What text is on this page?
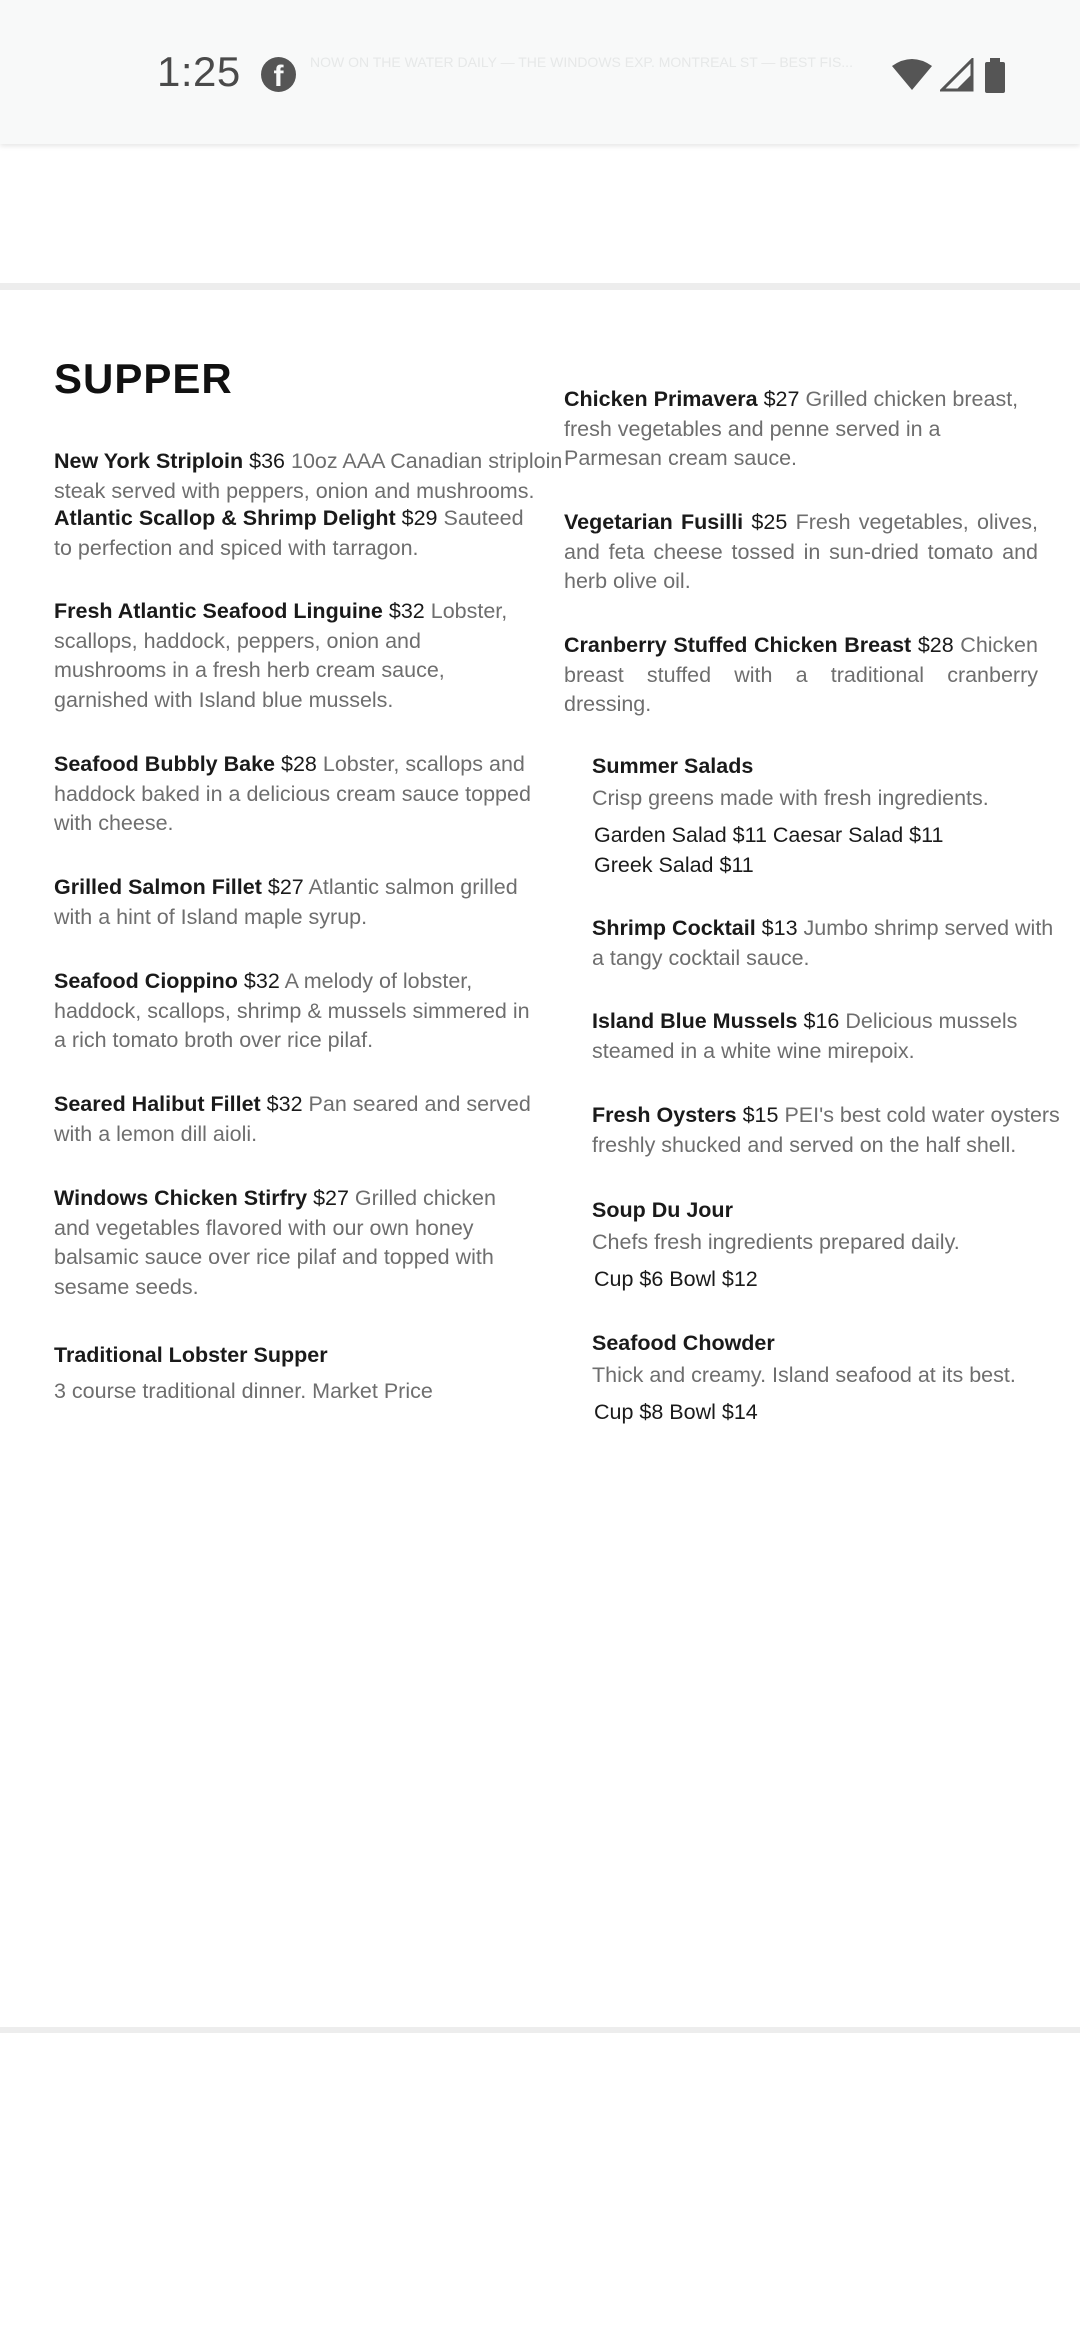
1:25	f	NOW ON THE WATER DAILY — THE WINDOWS EXP. MONTREAL ST — BEST FIS...
SUPPER
New York Striploin $36 10oz AAA Canadian striploin steak served with peppers, onion and mushrooms.
Atlantic Scallop & Shrimp Delight $29 Sauteed to perfection and spiced with tarragon.
Fresh Atlantic Seafood Linguine $32 Lobster, scallops, haddock, peppers, onion and mushrooms in a fresh herb cream sauce, garnished with Island blue mussels.
Seafood Bubbly Bake $28 Lobster, scallops and haddock baked in a delicious cream sauce topped with cheese.
Grilled Salmon Fillet $27 Atlantic salmon grilled with a hint of Island maple syrup.
Seafood Cioppino $32 A melody of lobster, haddock, scallops, shrimp & mussels simmered in a rich tomato broth over rice pilaf.
Seared Halibut Fillet $32 Pan seared and served with a lemon dill aioli.
Windows Chicken Stirfry $27 Grilled chicken and vegetables flavored with our own honey balsamic sauce over rice pilaf and topped with sesame seeds.
Traditional Lobster Supper
3 course traditional dinner. Market Price
Chicken Primavera $27 Grilled chicken breast, fresh vegetables and penne served in a Parmesan cream sauce.
Vegetarian Fusilli $25 Fresh vegetables, olives, and feta cheese tossed in sun-dried tomato and herb olive oil.
Cranberry Stuffed Chicken Breast $28 Chicken breast stuffed with a traditional cranberry dressing.
Summer Salads
Crisp greens made with fresh ingredients.
Garden Salad $11 Caesar Salad $11
Greek Salad $11
Shrimp Cocktail $13 Jumbo shrimp served with a tangy cocktail sauce.
Island Blue Mussels $16 Delicious mussels steamed in a white wine mirepoix.
Fresh Oysters $15 PEI's best cold water oysters freshly shucked and served on the half shell.
Soup Du Jour
Chefs fresh ingredients prepared daily.
Cup $6 Bowl $12
Seafood Chowder
Thick and creamy. Island seafood at its best.
Cup $8 Bowl $14
